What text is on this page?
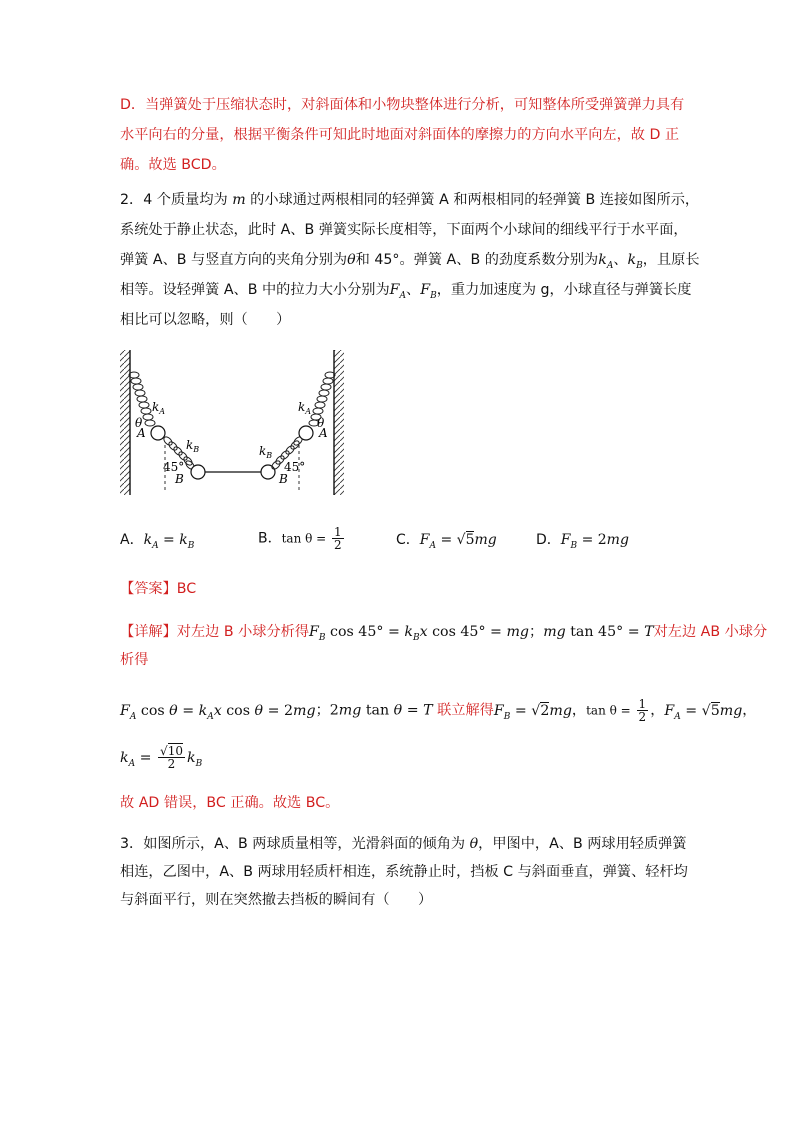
D．当弹簧处于压缩状态时，对斜面体和小物块整体进行分析，可知整体所受弹簧弹力具有
水平向右的分量，根据平衡条件可知此时地面对斜面体的摩擦力的方向水平向左，故 D 正
确。故选 BCD。
2．4 个质量均为 m 的小球通过两根相同的轻弹簧 A 和两根相同的轻弹簧 B 连接如图所示，
系统处于静止状态，此时 A、B 弹簧实际长度相等，下面两个小球间的细线平行于水平面，
弹簧 A、B 与竖直方向的夹角分别为θ和 45°。弹簧 A、B 的劲度系数分别为$k_A$、$k_B$，且原长
相等。设轻弹簧 A、B 中的拉力大小分别为$F_A$、$F_B$，重力加速度为 g，小球直径与弹簧长度
相比可以忽略，则（　　）
$k_A$
θ
A
$k_B$
45°
B
$k_A$
θ
A
$k_B$
45°
B
A．$k_A = k_B$	B．$\tan \theta = \frac{1}{2}$	C．$F_A = √5mg$	D．$F_B = 2mg$
【答案】BC
【详解】对左边 B 小球分析得$F_B$ $\cos 45^\circ = k_Bx$ cos 45° = mg；mg tan 45° = T对左边 AB 小球分
析得
$F_A$ $\cos \theta = k_Ax$ cos θ = 2mg；2mg tan θ = T 联立解得$F_B = √2mg$，$\tan \theta = \frac{1}{2}$ ，$F_A = √5mg$，
$k_A = \frac{√10}{2} k_B$
故 AD 错误，BC 正确。故选 BC。
3．如图所示，A、B 两球质量相等，光滑斜面的倾角为 θ，甲图中，A、B 两球用轻质弹簧
相连，乙图中，A、B 两球用轻质杆相连，系统静止时，挡板 C 与斜面垂直，弹簧、轻杆均
与斜面平行，则在突然撤去挡板的瞬间有（　　）
